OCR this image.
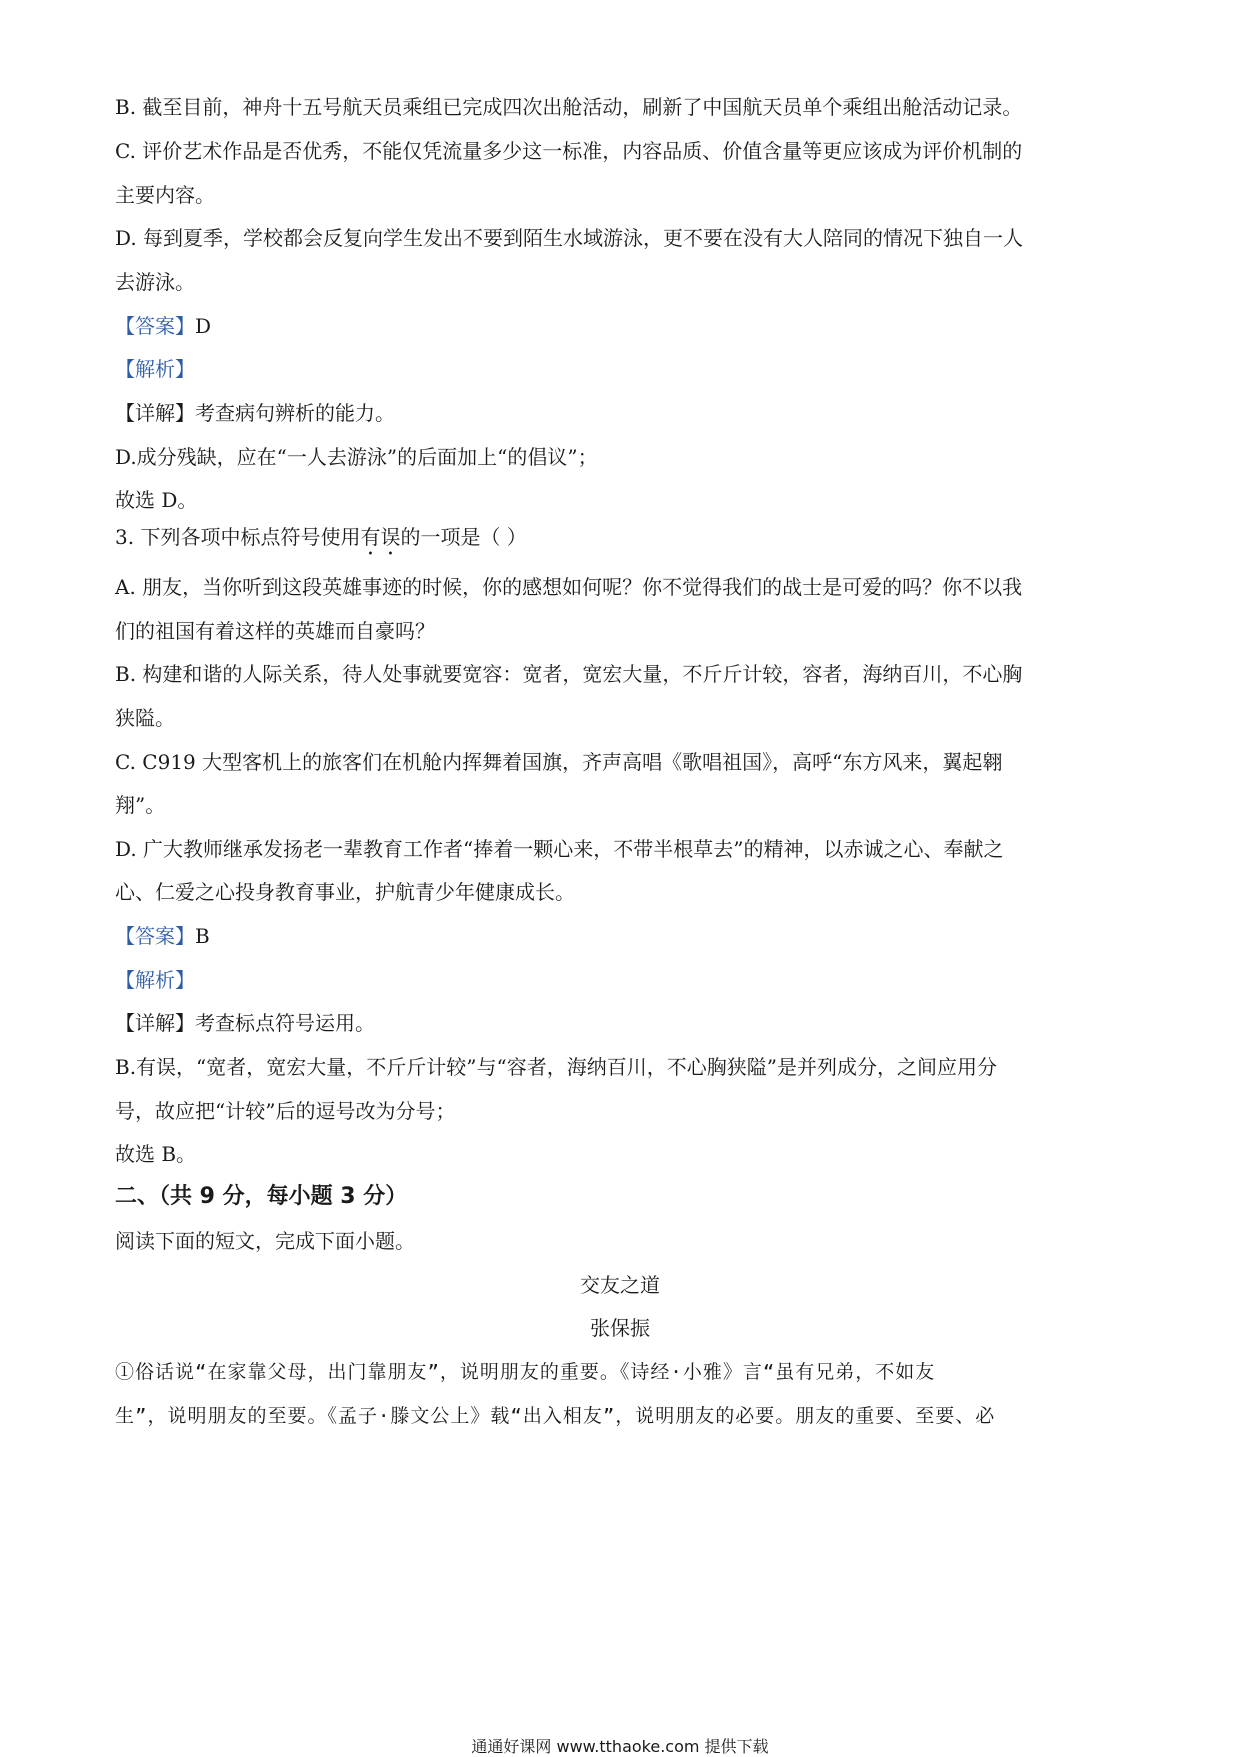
B. 截至目前，神舟十五号航天员乘组已完成四次出舱活动，刷新了中国航天员单个乘组出舱活动记录。
C. 评价艺术作品是否优秀，不能仅凭流量多少这一标准，内容品质、价值含量等更应该成为评价机制的
主要内容。
D. 每到夏季，学校都会反复向学生发出不要到陌生水域游泳，更不要在没有大人陪同的情况下独自一人
去游泳。
【答案】D
【解析】
【详解】考查病句辨析的能力。
D.成分残缺，应在“一人去游泳”的后面加上“的倡议”；
故选 D。
3. 下列各项中标点符号使用有误的一项是（ ）
A. 朋友，当你听到这段英雄事迹的时候，你的感想如何呢？你不觉得我们的战士是可爱的吗？你不以我
们的祖国有着这样的英雄而自豪吗？
B. 构建和谐的人际关系，待人处事就要宽容：宽者，宽宏大量，不斤斤计较，容者，海纳百川，不心胸
狭隘。
C. C919 大型客机上的旅客们在机舱内挥舞着国旗，齐声高唱《歌唱祖国》，高呼“东方风来，翼起翱
翔”。
D. 广大教师继承发扬老一辈教育工作者“捧着一颗心来，不带半根草去”的精神，以赤诚之心、奉献之
心、仁爱之心投身教育事业，护航青少年健康成长。
【答案】B
【解析】
【详解】考查标点符号运用。
B.有误，“宽者，宽宏大量，不斤斤计较”与“容者，海纳百川，不心胸狭隘”是并列成分，之间应用分
号，故应把“计较”后的逗号改为分号；
故选 B。
二、（共 9 分，每小题 3 分）
阅读下面的短文，完成下面小题。
交友之道
张保振
①俗话说“在家靠父母，出门靠朋友”，说明朋友的重要。《诗经·小雅》言“虽有兄弟，不如友
生”，说明朋友的至要。《孟子·滕文公上》载“出入相友”，说明朋友的必要。朋友的重要、至要、必
通通好课网 www.tthaoke.com 提供下载
